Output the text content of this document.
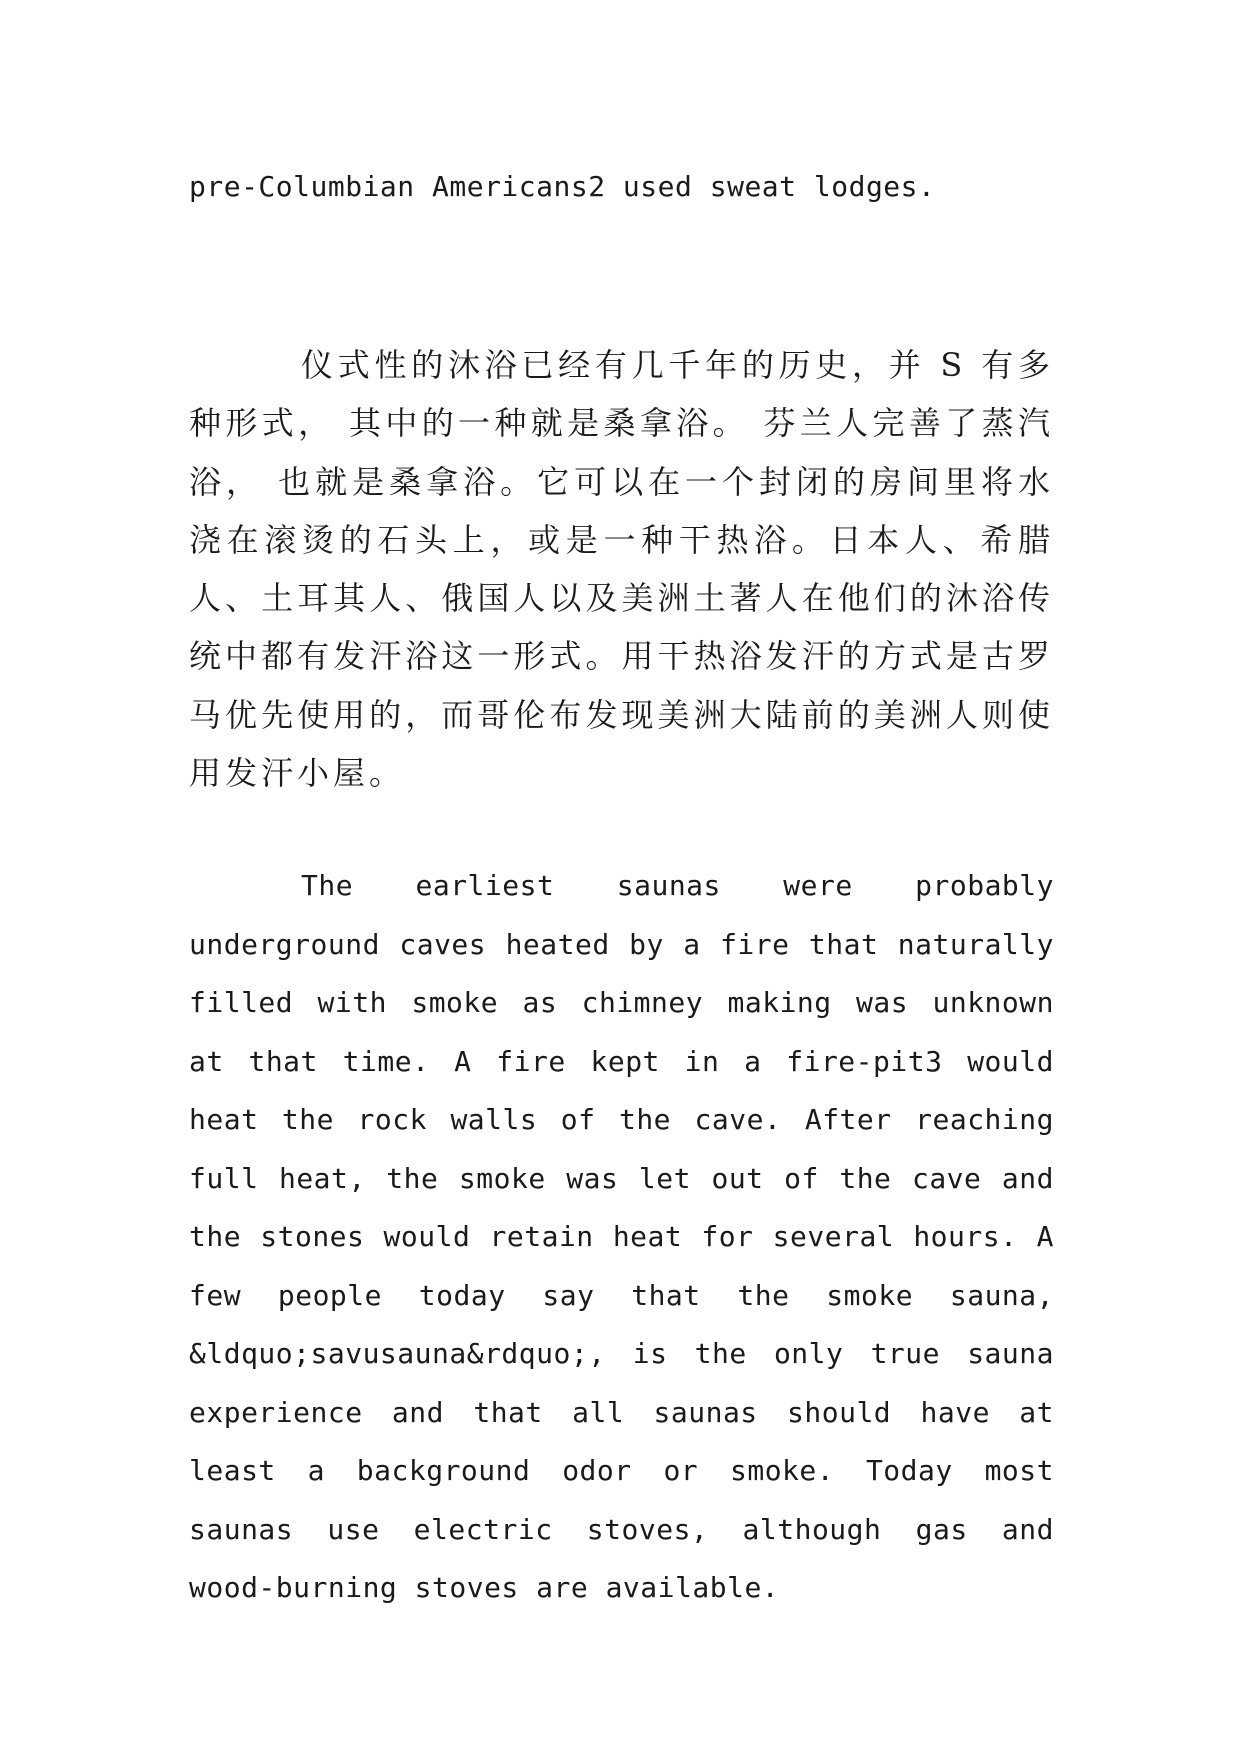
pre-Columbian Americans2 used sweat lodges.

仪式性的沐浴已经有几千年的历史，并 S 有多种形式， 其中的一种就是桑拿浴。 芬兰人完善了蒸汽浴， 也就是桑拿浴。它可以在一个封闭的房间里将水浇在滚烫的石头上，或是一种干热浴。日本人、希腊人、土耳其人、俄国人以及美洲土著人在他们的沐浴传统中都有发汗浴这一形式。用干热浴发汗的方式是古罗 马优先使用的，而哥伦布发现美洲大陆前的美洲人则使用发汗小屋。

The earliest saunas were probably underground caves heated by a fire that naturally filled with smoke as chimney making was unknown at that time. A fire kept in a fire-pit3 would heat the rock walls of the cave. After reaching full heat, the smoke was let out of the cave and the stones would retain heat for several hours. A few people today say that the smoke sauna, &ldquo;savusauna&rdquo;, is the only true sauna experience and that all saunas should have at least a background odor or smoke. Today most saunas use electric stoves, although gas and wood-burning stoves are available.
